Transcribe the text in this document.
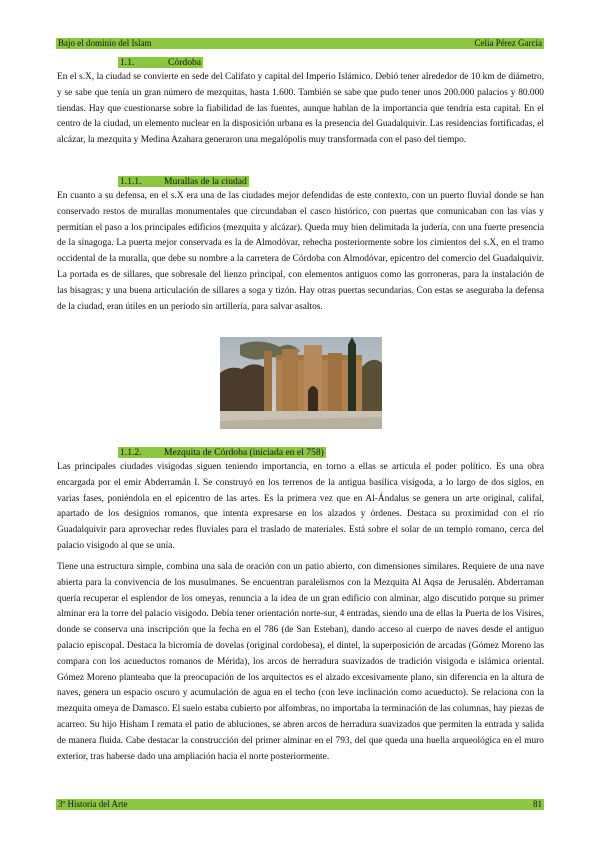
Bajo el dominio del Islam	Celia Pérez García
1.1.	Córdoba

En el s.X, la ciudad se convierte en sede del Califato y capital del Imperio Islámico. Debió tener alrededor de 10 km de diámetro, y se sabe que tenía un gran número de mezquitas, hasta 1.600. También se sabe que pudo tener unos 200.000 palacios y 80.000 tiendas. Hay que cuestionarse sobre la fiabilidad de las fuentes, aunque hablan de la importancia que tendría esta capital. En el centro de la ciudad, un elemento nuclear en la disposición urbana es la presencia del Guadalquivir. Las residencias fortificadas, el alcázar, la mezquita y Medina Azahara generaron una megalópolis muy transformada con el paso del tiempo.

1.1.1. Murallas de la ciudad

En cuanto a su defensa, en el s.X era una de las ciudades mejor defendidas de este contexto, con un puerto fluvial donde se han conservado restos de murallas monumentales que circundaban el casco histórico, con puertas que comunicaban con las vías y permitían el paso a los principales edificios (mezquita y alcázar). Queda muy bien delimitada la judería, con una fuerte presencia de la sinagoga. La puerta mejor conservada es la de Almodóvar, rehecha posteriormente sobre los cimientos del s.X, en el tramo occidental de la muralla, que debe su nombre a la carretera de Córdoba con Almodóvar, epicentro del comercio del Guadalquivir. La portada es de sillares, que sobresale del lienzo principal, con elementos antiguos como las gorroneras, para la instalación de las bisagras; y una buena articulación de sillares a soga y tizón. Hay otras puertas secundarias. Con estas se aseguraba la defensa de la ciudad, eran útiles en un período sin artillería, para salvar asaltos.

1.1.2. Mezquita de Córdoba (iniciada en el 758)

Las principales ciudades visigodas siguen teniendo importancia, en torno a ellas se articula el poder político. Es una obra encargada por el emir Abderramán I. Se construyó en los terrenos de la antigua basílica visigoda, a lo largo de dos siglos, en varias fases, poniéndola en el epicentro de las artes. Es la primera vez que en Al-Ándalus se genera un arte original, califal, apartado de los designios romanos, que intenta expresarse en los alzados y órdenes. Destaca su proximidad con el río Guadalquivir para aprovechar redes fluviales para el traslado de materiales. Está sobre el solar de un templo romano, cerca del palacio visigodo al que se unía.

Tiene una estructura simple, combina una sala de oración con un patio abierto, con dimensiones similares. Requiere de una nave abierta para la convivencia de los musulmanes. Se encuentran paralelismos con la Mezquita Al Aqsa de Jerusalén. Abderraman quería recuperar el esplendor de los omeyas, renuncia a la idea de un gran edificio con alminar, algo discutido porque su primer alminar era la torre del palacio visigodo. Debía tener orientación norte-sur, 4 entradas, siendo una de ellas la Puerta de los Visires, donde se conserva una inscripción que la fecha en el 786 (de San Esteban), dando acceso al cuerpo de naves desde el antiguo palacio episcopal. Destaca la bicromía de dovelas (original cordobesa), el dintel, la superposición de arcadas (Gómez Moreno las compara con los acueductos romanos de Mérida), los arcos de herradura suavizados de tradición visigoda e islámica oriental. Gómez Moreno planteaba que la preocupación de los arquitectos es el alzado excesivamente plano, sin diferencia en la altura de naves, genera un espacio oscuro y acumulación de agua en el techo (con leve inclinación como acueducto). Se relaciona con la mezquita omeya de Damasco. El suelo estaba cubierto por alfombras, no importaba la terminación de las columnas, hay piezas de acarreo. Su hijo Hisham I remata el patio de abluciones, se abren arcos de herradura suavizados que permiten la entrada y salida de manera fluida. Cabe destacar la construcción del primer alminar en el 793, del que queda una huella arqueológica en el muro exterior, tras haberse dado una ampliación hacia el norte posteriormente.

3º Historia del Arte	81
